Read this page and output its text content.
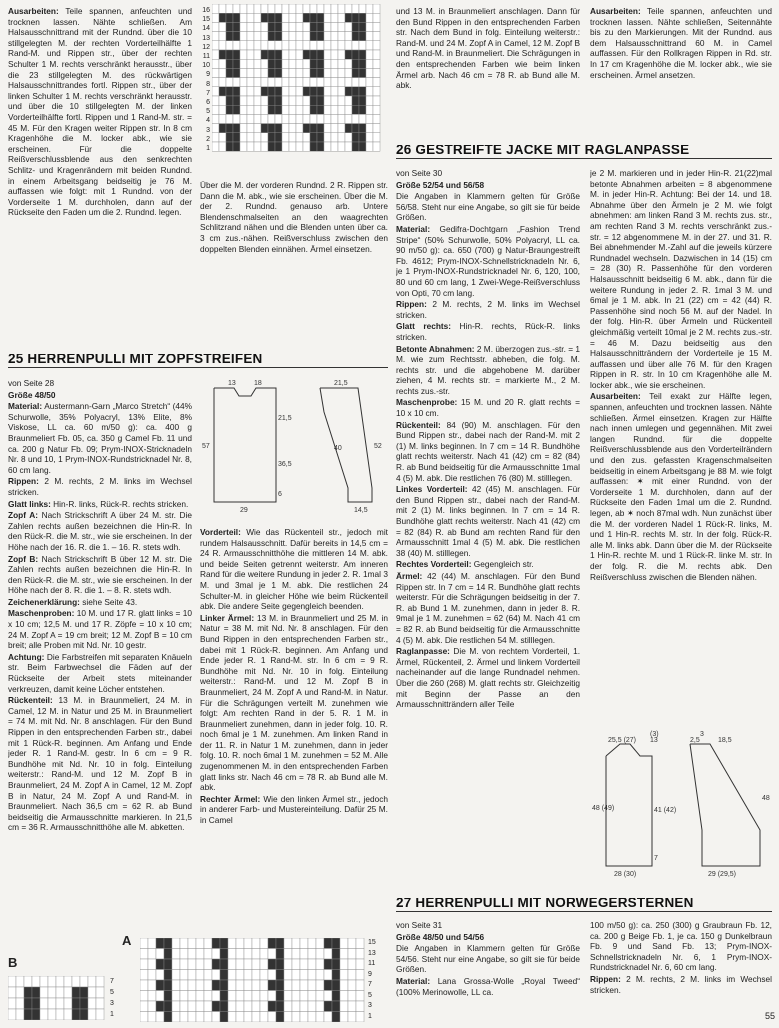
Ausarbeiten: Teile spannen, anfeuchten und trocknen lassen. Nähte schließen. Am Halsausschnittrand mit der Rundnd. über die 10 stillgelegten M. der rechten Vorderteilhälfte 1 Rand-M. und Rippen str., über der rechten Schulter 1 M. rechts verschränkt herausstr., über die 23 stillgelegten M. des rückwärtigen Halsausschnittrandes fortl. Rippen str., über der linken Schulter 1 M. rechts verschränkt herausstr. und über die 10 stillgelegten M. der linken Vorderteilhälfte fortl. Rippen und 1 Rand-M. str. = 45 M. Für den Kragen weiter Rippen str. In 8 cm Kragenhöhe die M. locker abk., wie sie erscheinen. Für die doppelte Reißverschlussblende aus den senkrechten Schlitz- und Kragenrändern mit beiden Rundnd. in einem Arbeitsgang beidseitig je 76 M. auffassen wie folgt: mit 1 Rundnd. von der Vorderseite 1 M. durchholen, dann auf der Rückseite den Faden um die 2. Rundnd. legen.

16
15
14
13
12
11
10
9
8
7
6
5
4
3
2
1

Über die M. der vorderen Rundnd. 2 R. Rippen str. Dann die M. abk., wie sie erscheinen. Über die M. der 2. Rundnd. genauso arb. Untere Blendenschmalseiten an den waagrechten Schlitzrand nähen und die Blenden unten über ca. 3 cm zus.-nähen. Reißverschluss zwischen den doppelten Blenden einnähen. Ärmel einsetzen.

und 13 M. in Braunmeliert anschlagen. Dann für den Bund Rippen in den entsprechenden Farben str. Nach dem Bund in folg. Einteilung weiterstr.: Rand-M. und 24 M. Zopf A in Camel, 12 M. Zopf B und Rand-M. in Braunmeliert. Die Schrägungen in den entsprechenden Farben wie beim linken Ärmel arb. Nach 46 cm = 78 R. ab Bund alle M. abk.

Ausarbeiten: Teile spannen, anfeuchten und trocknen lassen. Nähte schließen, Seitennähte bis zu den Markierungen. Mit der Rundnd. aus dem Halsausschnittrand 60 M. in Camel auffassen. Für den Rollkragen Rippen in Rd. str. In 17 cm Kragenhöhe die M. locker abk., wie sie erscheinen. Ärmel ansetzen.

26 GESTREIFTE JACKE MIT RAGLANPASSE
25 HERRENPULLI MIT ZOPFSTREIFEN

von Seite 28

Größe 48/50

Material: Austermann-Garn „Marco Stretch“ (44% Schurwolle, 35% Polyacryl, 13% Elite, 8% Viskose, LL ca. 60 m/50 g): ca. 400 g Braunmeliert Fb. 05, ca. 350 g Camel Fb. 11 und ca. 200 g Natur Fb. 09; Prym-INOX-Stricknadeln Nr. 8 und 10, 1 Prym-INOX-Rundstricknadel Nr. 8, 60 cm lang.

Rippen: 2 M. rechts, 2 M. links im Wechsel stricken.

Glatt links: Hin-R. links, Rück-R. rechts stricken.

Zopf A: Nach Strickschrift A über 24 M. str. Die Zahlen rechts außen bezeichnen die Hin-R. In den Rück-R. die M. str., wie sie erscheinen. In der Höhe nach der 16. R. die 1. – 16. R. stets wdh.

Zopf B: Nach Strickschrift B über 12 M. str. Die Zahlen rechts außen bezeichnen die Hin-R. In den Rück-R. die M. str., wie sie erscheinen. In der Höhe nach der 8. R. die 1. – 8. R. stets wdh.

Zeichenerklärung: siehe Seite 43.

Maschenproben: 10 M. und 17 R. glatt links = 10 x 10 cm; 12,5 M. und 17 R. Zöpfe = 10 x 10 cm; 24 M. Zopf A = 19 cm breit; 12 M. Zopf B = 10 cm breit; alle Proben mit Nd. Nr. 10 gestr.

Achtung: Die Farbstreifen mit separaten Knäueln str. Beim Farbwechsel die Fäden auf der Rückseite der Arbeit stets miteinander verkreuzen, damit keine Löcher entstehen.

Rückenteil: 13 M. in Braunmeliert, 24 M. in Camel, 12 M. in Natur und 25 M. in Braunmeliert = 74 M. mit Nd. Nr. 8 anschlagen. Für den Bund Rippen in den entsprechenden Farben str., dabei mit 1 Rück-R. beginnen. Am Anfang und Ende jeder R. 1 Rand-M. gestr. In 6 cm = 9 R. Bundhöhe mit Nd. Nr. 10 in folg. Einteilung weiterstr.: Rand-M. und 12 M. Zopf B in Braunmeliert, 24 M. Zopf A in Camel, 12 M. Zopf B in Natur, 24 M. Zopf A und Rand-M. in Braunmeliert. Nach 36,5 cm = 62 R. ab Bund beidseitig die Armausschnitte markieren. In 21,5 cm = 36 R. Armausschnitthöhe alle M. abketten.

13	18	21,5
57
21,5
36,5
6
29
40	52
14,5

Vorderteil: Wie das Rückenteil str., jedoch mit rundem Halsausschnitt. Dafür bereits in 14,5 cm = 24 R. Armausschnitthöhe die mittleren 14 M. abk. und beide Seiten getrennt weiterstr. Am inneren Rand für die weitere Rundung in jeder 2. R. 1mal 3 M. und 3mal je 1 M. abk. Die restlichen 24 Schulter-M. in gleicher Höhe wie beim Rückenteil abk. Die andere Seite gegengleich beenden.

Linker Ärmel: 13 M. in Braunmeliert und 25 M. in Natur = 38 M. mit Nd. Nr. 8 anschlagen. Für den Bund Rippen in den entsprechenden Farben str., dabei mit 1 Rück-R. beginnen. Am Anfang und Ende jeder R. 1 Rand-M. str. In 6 cm = 9 R. Bundhöhe mit Nd. Nr. 10 in folg. Einteilung weiterstr.: Rand-M. und 12 M. Zopf B in Braunmeliert, 24 M. Zopf A und Rand-M. in Natur. Für die Schrägungen verteilt M. zunehmen wie folgt: Am rechten Rand in der 5. R. 1 M. in Braunmeliert zunehmen, dann in jeder folg. 10. R. noch 6mal je 1 M. zunehmen. Am linken Rand in der 11. R. in Natur 1 M. zunehmen, dann in jeder folg. 10. R. noch 6mal 1 M. zunehmen = 52 M. Alle zugenommenen M. in den entsprechenden Farben glatt links str. Nach 46 cm = 78 R. ab Bund alle M. abk.

Rechter Ärmel: Wie den linken Ärmel str., jedoch in anderer Farb- und Mustereinteilung. Dafür 25 M. in Camel

von Seite 30

Größe 52/54 und 56/58

Die Angaben in Klammern gelten für Größe 56/58. Steht nur eine Angabe, so gilt sie für beide Größen.

Material: Gedifra-Dochtgarn „Fashion Trend Stripe“ (50% Schurwolle, 50% Polyacryl, LL ca. 90 m/50 g): ca. 650 (700) g Natur-Braungestreift Fb. 4612; Prym-INOX-Schnellstricknadeln Nr. 6, je 1 Prym-INOX-Rundstricknadel Nr. 6, 120, 100, 80 und 60 cm lang, 1 Zwei-Wege-Reißverschluss von Opti, 70 cm lang.

Rippen: 2 M. rechts, 2 M. links im Wechsel stricken.

Glatt rechts: Hin-R. rechts, Rück-R. links stricken.

Betonte Abnahmen: 2 M. überzogen zus.-str. = 1 M. wie zum Rechtsstr. abheben, die folg. M. rechts str. und die abgehobene M. darüber ziehen, 4 M. rechts str. = markierte M., 2 M. rechts zus.-str.

Maschenprobe: 15 M. und 20 R. glatt rechts = 10 x 10 cm.

Rückenteil: 84 (90) M. anschlagen. Für den Bund Rippen str., dabei nach der Rand-M. mit 2 (1) M. links beginnen. In 7 cm = 14 R. Bundhöhe glatt rechts weiterstr. Nach 41 (42) cm = 82 (84) R. ab Bund beidseitig für die Armausschnitte 1mal 4 (5) M. abk. Die restlichen 76 (80) M. stilllegen.

Linkes Vorderteil: 42 (45) M. anschlagen. Für den Bund Rippen str., dabei nach der Rand-M. mit 2 (1) M. links beginnen. In 7 cm = 14 R. Bundhöhe glatt rechts weiterstr. Nach 41 (42) cm = 82 (84) R. ab Bund am rechten Rand für den Armausschnitt 1mal 4 (5) M. abk. Die restlichen 38 (40) M. stilllegen.

Rechtes Vorderteil: Gegengleich str.

Ärmel: 42 (44) M. anschlagen. Für den Bund Rippen str. In 7 cm = 14 R. Bundhöhe glatt rechts weiterstr. Für die Schrägungen beidseitig in der 7. R. ab Bund 1 M. zunehmen, dann in jeder 8. R. 9mal je 1 M. zunehmen = 62 (64) M. Nach 41 cm = 82 R. ab Bund beidseitig für die Armausschnitte 4 (5) M. abk. Die restlichen 54 M. stilllegen.

Raglanpasse: Die M. von rechtem Vorderteil, 1. Ärmel, Rückenteil, 2. Ärmel und linkem Vorderteil nacheinander auf die lange Rundnadel nehmen. Über die 260 (268) M. glatt rechts str. Gleichzeitig mit Beginn der Passe an den Armausschnitträndern aller Teile

je 2 M. markieren und in jeder Hin-R. 21(22)mal betonte Abnahmen arbeiten = 8 abgenommene M. in jeder Hin-R. Achtung: Bei der 14. und 18. Abnahme über den Ärmeln je 2 M. wie folgt abnehmen: am linken Rand 3 M. rechts zus. str., am rechten Rand 3 M. rechts verschränkt zus.-str. = 12 abgenommene M. in der 27. und 31. R. Bei abnehmender M.-Zahl auf die jeweils kürzere Rundnadel wechseln. Dazwischen in 14 (15) cm = 28 (30) R. Passenhöhe für den vorderen Halsausschnitt beidseitig 6 M. abk., dann für die weitere Rundung in jeder 2. R. 1mal 3 M. und 6mal je 1 M. abk. In 21 (22) cm = 42 (44) R. Passenhöhe sind noch 56 M. auf der Nadel. In der folg. Hin-R. über Ärmeln und Rückenteil gleichmäßig verteilt 10mal je 2 M. rechts zus.-str. = 46 M. Dazu beidseitig aus den Halsausschnitträndern der Vorderteile je 15 M. auffassen und über alle 76 M. für den Kragen Rippen in R. str. In 10 cm Kragenhöhe alle M. locker abk., wie sie erscheinen.

Ausarbeiten: Teil exakt zur Hälfte legen, spannen, anfeuchten und trocknen lassen. Nähte schließen. Ärmel einsetzen. Kragen zur Hälfte nach innen umlegen und gegennähen. Mit zwei langen Rundnd. für die doppelte Reißverschlussblende aus den Vorderteilrändern und den zus. gefassten Kragenschmalseiten beidseitig in einem Arbeitsgang je 88 M. wie folgt auffassen: ✶ mit einer Rundnd. von der Vorderseite 1 M. durchholen, dann auf der Rückseite den Faden 1mal um die 2. Rundnd. legen, ab ✶ noch 87mal wdh. Nun zunächst über die M. der vorderen Nadel 1 Rück-R. links, M. und 1 Hin-R. rechts M. str. In der folg. Rück-R. alle M. links abk. Dann über die M. der Rückseite 1 Hin-R. rechte M. und 1 Rück-R. linke M. str. In der folg. R. die M. rechts abk. Den Reißverschluss zwischen die Blenden nähen.

(3)	3
25,5 (27) 13	2,5	18,5
48 (49)	41 (42)
7
48
28 (30)	29 (29,5)
27 HERRENPULLI MIT NORWEGERSTERNEN

von Seite 31

Größe 48/50 und 54/56

Die Angaben in Klammern gelten für Größe 54/56. Steht nur eine Angabe, so gilt sie für beide Größen.

Material: Lana Grossa-Wolle „Royal Tweed“ (100% Merinowolle, LL ca.

100 m/50 g): ca. 250 (300) g Graubraun Fb. 12, ca. 200 g Beige Fb. 1, je ca. 150 g Dunkelbraun Fb. 9 und Sand Fb. 13; Prym-INOX-Schnellstricknadeln Nr. 6, 1 Prym-INOX-Rundstricknadel Nr. 6, 60 cm lang.

Rippen: 2 M. rechts, 2 M. links im Wechsel stricken.

A	15
13
11
9
7
5
3
1
B
7
5
3
1	55
